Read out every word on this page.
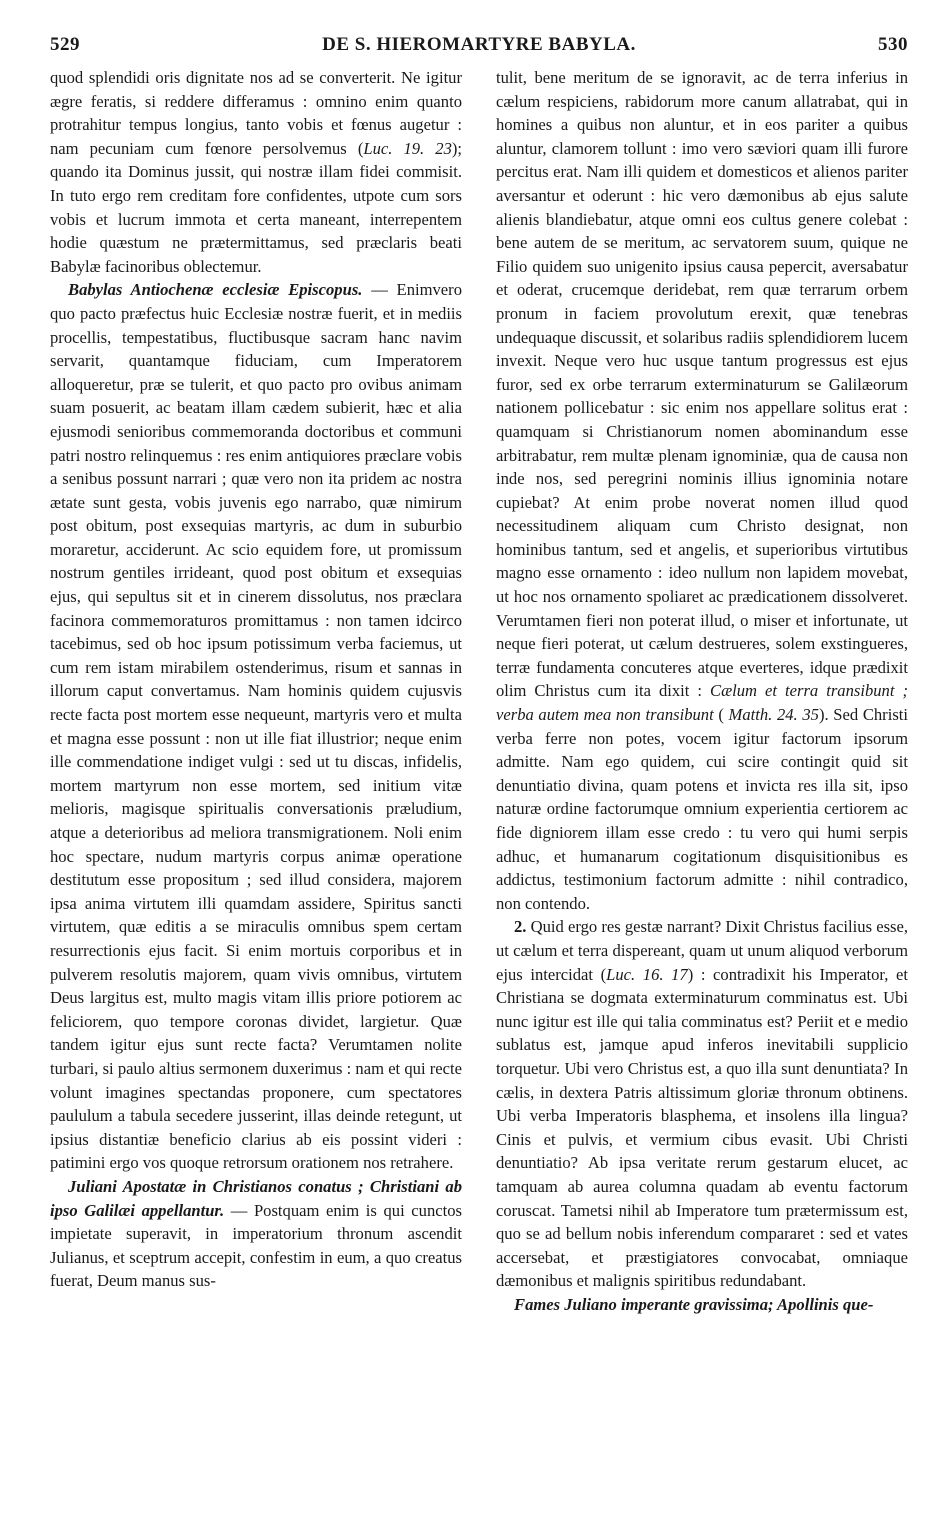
529	DE S. HIEROMARTYRE BABYLA.	530

quod splendidi oris dignitate nos ad se converterit. Ne igitur ægre feratis, si reddere differamus : omnino enim quanto protrahitur tempus longius, tanto vobis et fœnus augetur : nam pecuniam cum fœnore persolvemus (Luc. 19. 23); quando ita Dominus jussit, qui nostræ illam fidei commisit. In tuto ergo rem creditam fore confidentes, utpote cum sors vobis et lucrum immota et certa maneant, interrepentem hodie quæstum ne prætermittamus, sed præclaris beati Babylæ facinoribus oblectemur.

Babylas Antiochenæ ecclesiæ Episcopus. — Enimvero quo pacto præfectus huic Ecclesiæ nostræ fuerit, et in mediis procellis, tempestatibus, fluctibusque sacram hanc navim servarit, quantamque fiduciam, cum Imperatorem alloqueretur, præ se tulerit, et quo pacto pro ovibus animam suam posuerit, ac beatam illam cædem subierit, hæc et alia ejusmodi senioribus commemoranda doctoribus et communi patri nostro relinquemus : res enim antiquiores præclare vobis a senibus possunt narrari ; quæ vero non ita pridem ac nostra ætate sunt gesta, vobis juvenis ego narrabo, quæ nimirum post obitum, post exsequias martyris, ac dum in suburbio moraretur, acciderunt. Ac scio equidem fore, ut promissum nostrum gentiles irrideant, quod post obitum et exsequias ejus, qui sepultus sit et in cinerem dissolutus, nos præclara facinora commemoraturos promittamus : non tamen idcirco tacebimus, sed ob hoc ipsum potissimum verba faciemus, ut cum rem istam mirabilem ostenderimus, risum et sannas in illorum caput convertamus. Nam hominis quidem cujusvis recte facta post mortem esse nequeunt, martyris vero et multa et magna esse possunt : non ut ille fiat illustrior; neque enim ille commendatione indiget vulgi : sed ut tu discas, infidelis, mortem martyrum non esse mortem, sed initium vitæ melioris, magisque spiritualis conversationis præludium, atque a deterioribus ad meliora transmigrationem. Noli enim hoc spectare, nudum martyris corpus animæ operatione destitutum esse propositum ; sed illud considera, majorem ipsa anima virtutem illi quamdam assidere, Spiritus sancti virtutem, quæ editis a se miraculis omnibus spem certam resurrectionis ejus facit. Si enim mortuis corporibus et in pulverem resolutis majorem, quam vivis omnibus, virtutem Deus largitus est, multo magis vitam illis priore potiorem ac feliciorem, quo tempore coronas dividet, largietur. Quæ tandem igitur ejus sunt recte facta? Verumtamen nolite turbari, si paulo altius sermonem duxerimus : nam et qui recte volunt imagines spectandas proponere, cum spectatores paululum a tabula secedere jusserint, illas deinde retegunt, ut ipsius distantiæ beneficio clarius ab eis possint videri : patimini ergo vos quoque retrorsum orationem nos retrahere.

Juliani Apostatæ in Christianos conatus ; Christiani ab ipso Galilæi appellantur. — Postquam enim is qui cunctos impietate superavit, in imperatorium thronum ascendit Julianus, et sceptrum accepit, confestim in eum, a quo creatus fuerat, Deum manus sus-

tulit, bene meritum de se ignoravit, ac de terra inferius in cælum respiciens, rabidorum more canum allatrabat, qui in homines a quibus non aluntur, et in eos pariter a quibus aluntur, clamorem tollunt : imo vero sæviori quam illi furore percitus erat. Nam illi quidem et domesticos et alienos pariter aversantur et oderunt : hic vero dæmonibus ab ejus salute alienis blandiebatur, atque omni eos cultus genere colebat : bene autem de se meritum, ac servatorem suum, quique ne Filio quidem suo unigenito ipsius causa pepercit, aversabatur et oderat, crucemque deridebat, rem quæ terrarum orbem pronum in faciem provolutum erexit, quæ tenebras undequaque discussit, et solaribus radiis splendidiorem lucem invexit. Neque vero huc usque tantum progressus est ejus furor, sed ex orbe terrarum exterminaturum se Galilæorum nationem pollicebatur : sic enim nos appellare solitus erat : quamquam si Christianorum nomen abominandum esse arbitrabatur, rem multæ plenam ignominiæ, qua de causa non inde nos, sed peregrini nominis illius ignominia notare cupiebat? At enim probe noverat nomen illud quod necessitudinem aliquam cum Christo designat, non hominibus tantum, sed et angelis, et superioribus virtutibus magno esse ornamento : ideo nullum non lapidem movebat, ut hoc nos ornamento spoliaret ac prædicationem dissolveret. Verumtamen fieri non poterat illud, o miser et infortunate, ut neque fieri poterat, ut cælum destrueres, solem exstingueres, terræ fundamenta concuteres atque everteres, idque prædixit olim Christus cum ita dixit : Cælum et terra transibunt ; verba autem mea non transibunt ( Matth. 24. 35). Sed Christi verba ferre non potes, vocem igitur factorum ipsorum admitte. Nam ego quidem, cui scire contingit quid sit denuntiatio divina, quam potens et invicta res illa sit, ipso naturæ ordine factorumque omnium experientia certiorem ac fide digniorem illam esse credo : tu vero qui humi serpis adhuc, et humanarum cogitationum disquisitionibus es addictus, testimonium factorum admitte : nihil contradico, non contendo.

2. Quid ergo res gestæ narrant? Dixit Christus facilius esse, ut cælum et terra dispereant, quam ut unum aliquod verborum ejus intercidat (Luc. 16. 17) : contradixit his Imperator, et Christiana se dogmata exterminaturum comminatus est. Ubi nunc igitur est ille qui talia comminatus est? Periit et e medio sublatus est, jamque apud inferos inevitabili supplicio torquetur. Ubi vero Christus est, a quo illa sunt denuntiata? In cælis, in dextera Patris altissimum gloriæ thronum obtinens. Ubi verba Imperatoris blasphema, et insolens illa lingua? Cinis et pulvis, et vermium cibus evasit. Ubi Christi denuntiatio? Ab ipsa veritate rerum gestarum elucet, ac tamquam ab aurea columna quadam ab eventu factorum coruscat. Tametsi nihil ab Imperatore tum prætermissum est, quo se ad bellum nobis inferendum compararet : sed et vates accersebat, et præstigiatores convocabat, omniaque dæmonibus et malignis spiritibus redundabant.

Fames Juliano imperante gravissima; Apollinis que-
